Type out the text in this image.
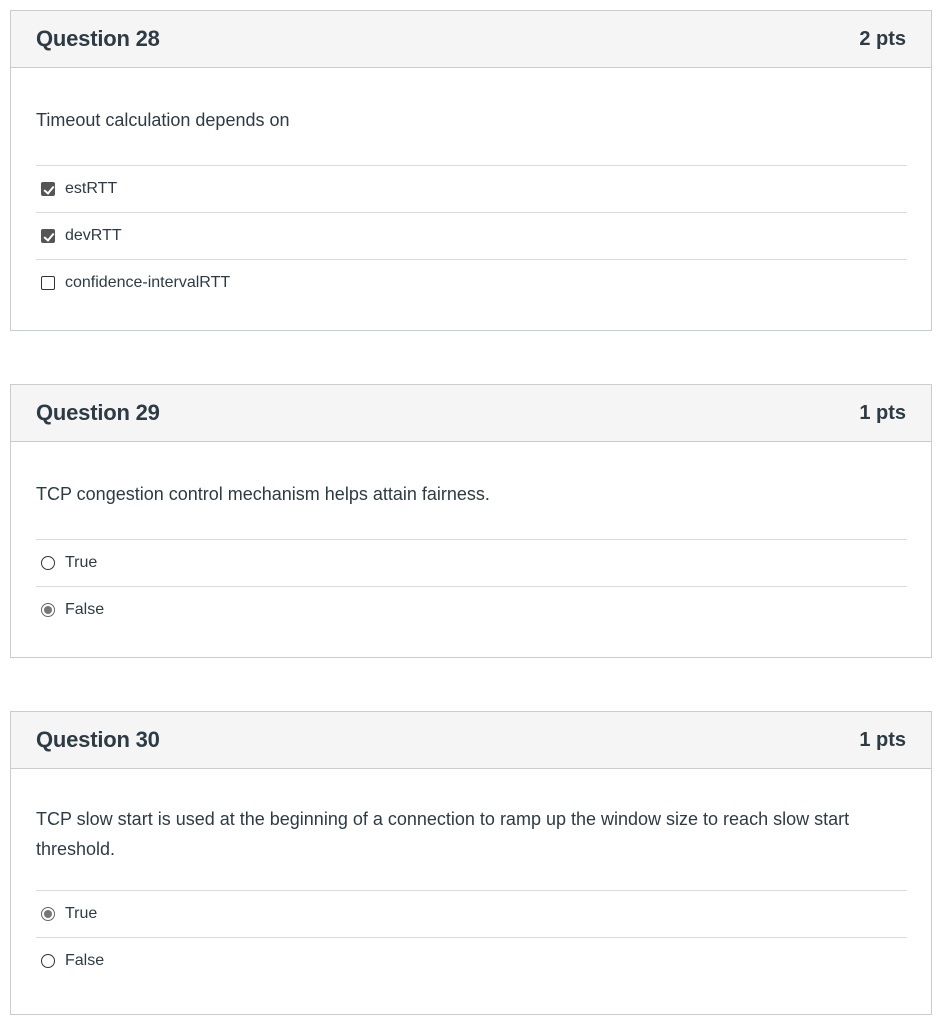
Question 28	2 pts
Timeout calculation depends on
estRTT
devRTT
confidence-intervalRTT
Question 29	1 pts
TCP congestion control mechanism helps attain fairness.
True
False
Question 30	1 pts
TCP slow start is used at the beginning of a connection to ramp up the window size to reach slow start threshold.
True
False
